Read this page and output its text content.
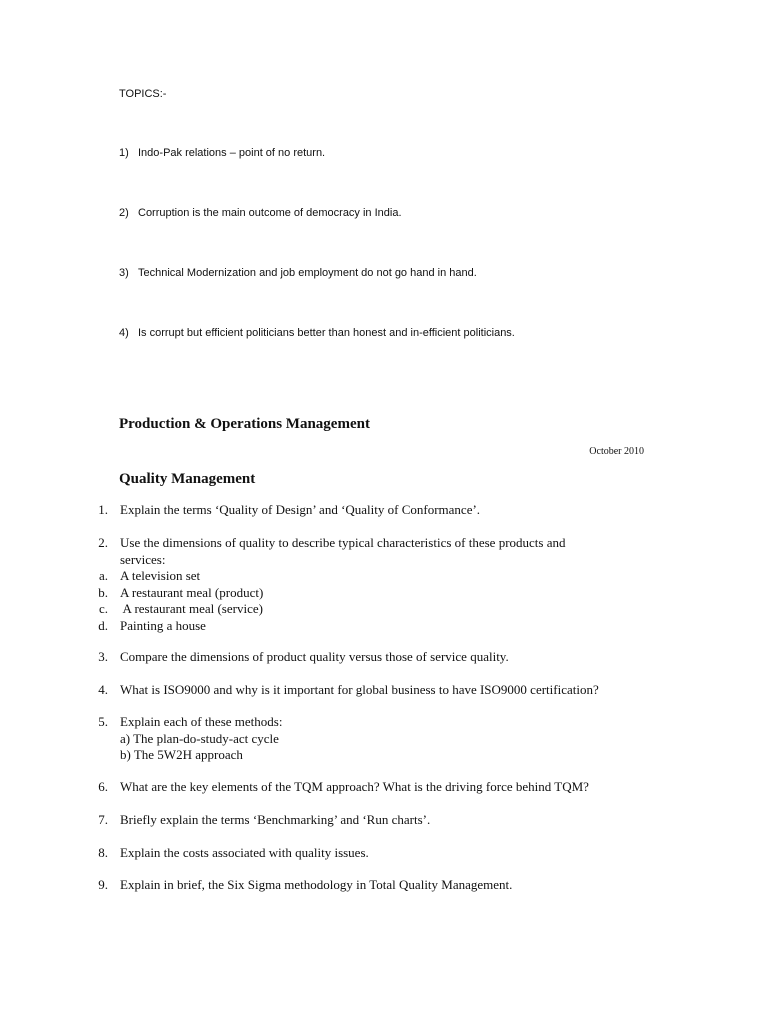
TOPICS:-
1) Indo-Pak relations – point of no return.
2) Corruption is the main outcome of democracy in India.
3) Technical Modernization and job employment do not go hand in hand.
4) Is corrupt but efficient politicians better than honest and in-efficient politicians.
Production & Operations Management
October 2010
Quality Management
1. Explain the terms ‘Quality of Design’ and ‘Quality of Conformance’.
2. Use the dimensions of quality to describe typical characteristics of these products and
services:
a. A television set
b. A restaurant meal (product)
c. A restaurant meal (service)
d. Painting a house
3. Compare the dimensions of product quality versus those of service quality.
4. What is ISO9000 and why is it important for global business to have ISO9000 certification?
5. Explain each of these methods:
a) The plan-do-study-act cycle
b) The 5W2H approach
6. What are the key elements of the TQM approach? What is the driving force behind TQM?
7. Briefly explain the terms ‘Benchmarking’ and ‘Run charts’.
8. Explain the costs associated with quality issues.
9. Explain in brief, the Six Sigma methodology in Total Quality Management.
